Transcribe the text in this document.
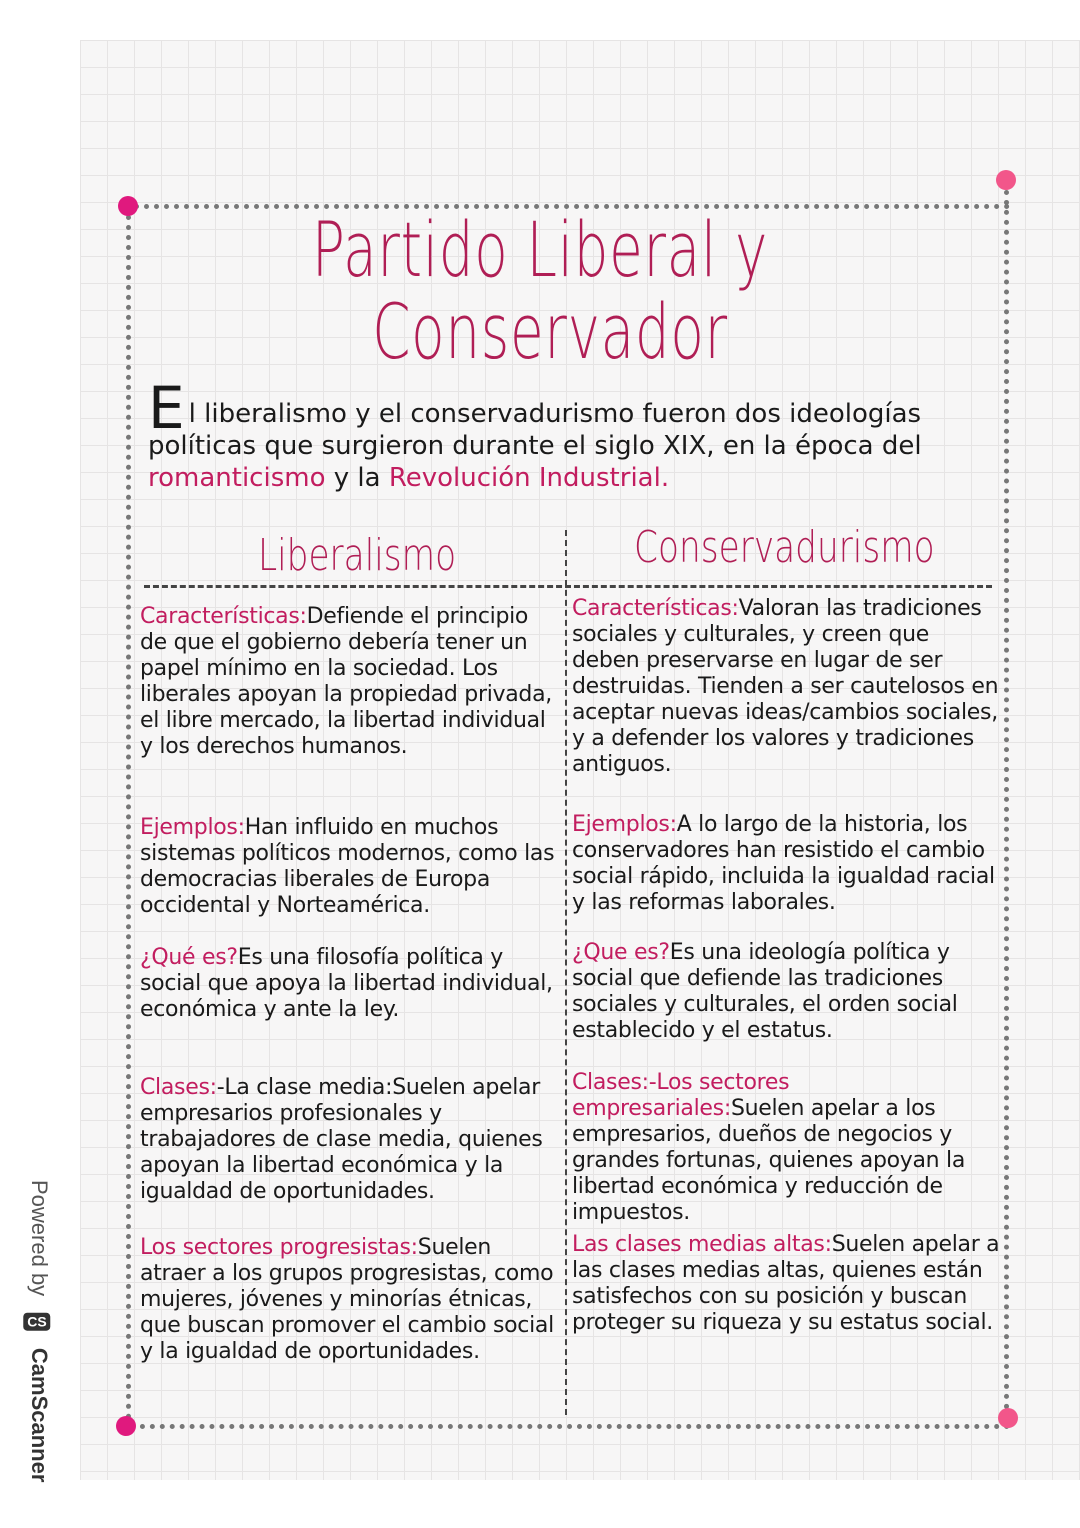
Partido Liberal y
Conservador
El liberalismo y el conservadurismo fueron dos ideologías políticas que surgieron durante el siglo XIX, en la época del romanticismo y la Revolución Industrial.
Liberalismo	Conservadurismo
Características:Defiende el principio de que el gobierno debería tener un papel mínimo en la sociedad. Los liberales apoyan la propiedad privada, el libre mercado, la libertad individual y los derechos humanos.
Ejemplos:Han influido en muchos sistemas políticos modernos, como las democracias liberales de Europa occidental y Norteamérica.
¿Qué es?Es una filosofía política y social que apoya la libertad individual, económica y ante la ley.
Clases:-La clase media:Suelen apelar empresarios profesionales y trabajadores de clase media, quienes apoyan la libertad económica y la igualdad de oportunidades.
Los sectores progresistas:Suelen atraer a los grupos progresistas, como mujeres, jóvenes y minorías étnicas, que buscan promover el cambio social y la igualdad de oportunidades.
Características:Valoran las tradiciones sociales y culturales, y creen que deben preservarse en lugar de ser destruidas. Tienden a ser cautelosos en aceptar nuevas ideas/cambios sociales, y a defender los valores y tradiciones antiguos.
Ejemplos:A lo largo de la historia, los conservadores han resistido el cambio social rápido, incluida la igualdad racial y las reformas laborales.
¿Que es?Es una ideología política y social que defiende las tradiciones sociales y culturales, el orden social establecido y el estatus.
Clases:-Los sectores empresariales:Suelen apelar a los empresarios, dueños de negocios y grandes fortunas, quienes apoyan la libertad económica y reducción de impuestos.
Las clases medias altas:Suelen apelar a las clases medias altas, quienes están satisfechos con su posición y buscan proteger su riqueza y su estatus social.
Powered by CS CamScanner
